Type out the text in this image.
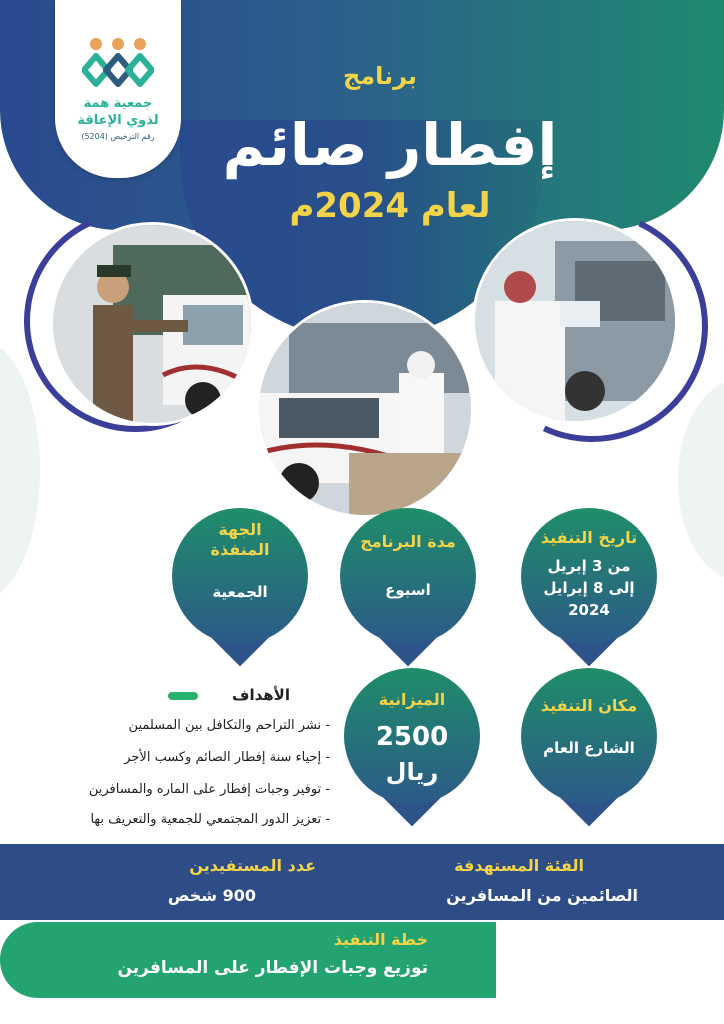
جمعية همة
لذوي الإعاقة
رقم الترخيص (5204)
برنامج
إفطار صائم
لعام 2024م
تاريخ التنفيذ
من 3 إبريل
إلى 8 إبرايل
2024
مدة البرنامج
اسبوع
الجهة
المنفذة
الجمعية
مكان التنفيذ
الشارع العام
الميزانية
2500
ريال
الأهداف
- نشر التراحم والتكافل بين المسلمين
- إحياء سنة إفطار الصائم وكسب الأجر
- توفير وجبات إفطار على الماره والمسافرين
- تعزيز الدور المجتمعي للجمعية والتعريف بها
الفئة المستهدفة
الصائمين من المسافرين
عدد المستفيدين
900 شخص
خطة التنفيذ
توزيع وجبات الإفطار على المسافرين
